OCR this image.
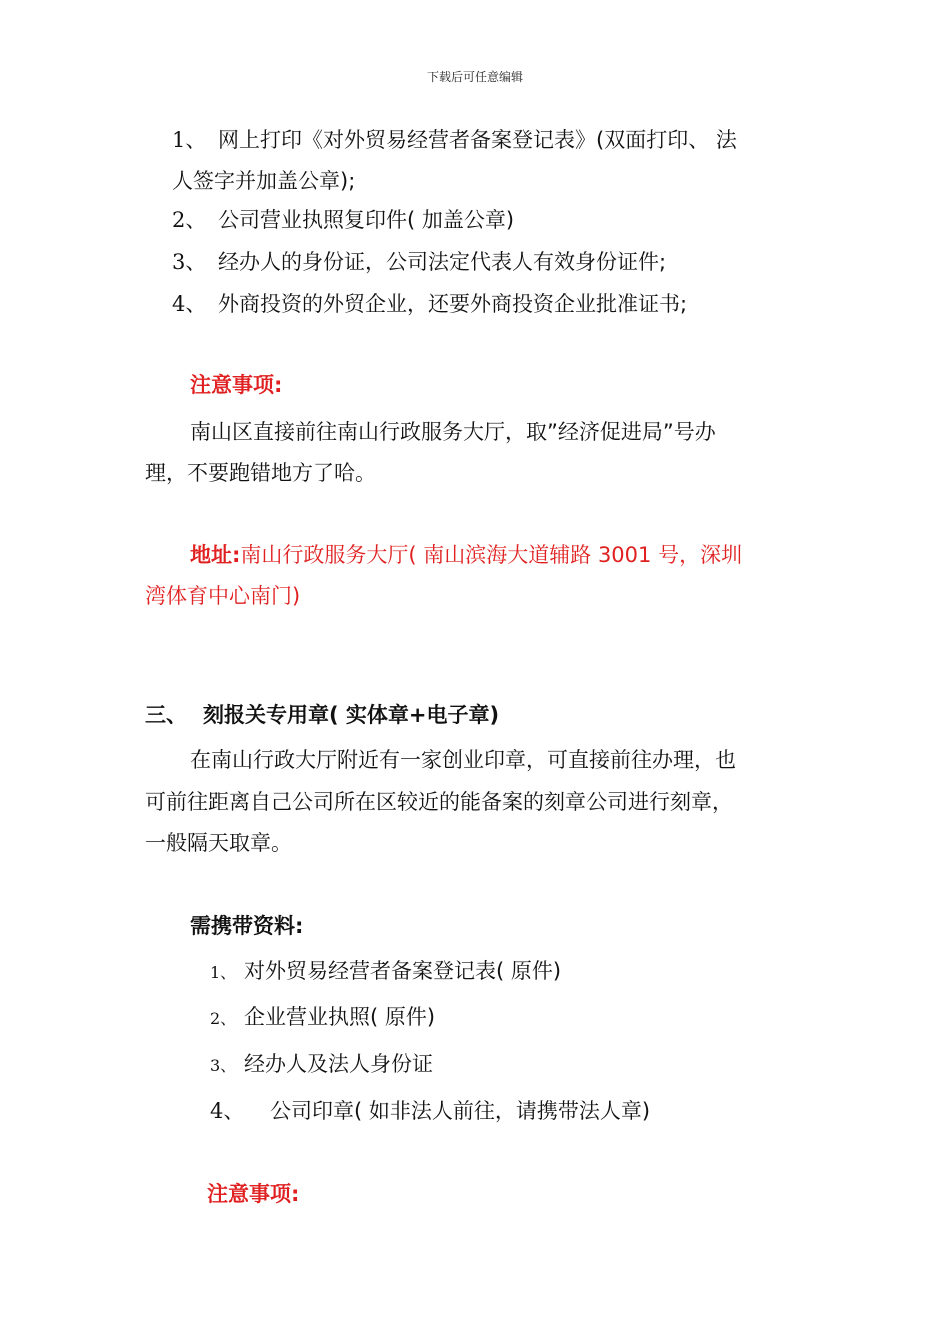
下载后可任意编辑
1、 网上打印《对外贸易经营者备案登记表》(双面打印、 法
人签字并加盖公章);
2、 公司营业执照复印件( 加盖公章)
3、 经办人的身份证，公司法定代表人有效身份证件;
4、 外商投资的外贸企业，还要外商投资企业批准证书;
注意事项:
南山区直接前往南山行政服务大厅，取”经济促进局”号办
理，不要跑错地方了哈。
地址:南山行政服务大厅( 南山滨海大道辅路 3001 号，深圳
湾体育中心南门)
三、 刻报关专用章( 实体章+电子章)
在南山行政大厅附近有一家创业印章，可直接前往办理，也
可前往距离自己公司所在区较近的能备案的刻章公司进行刻章，
一般隔天取章。
需携带资料:
1、 对外贸易经营者备案登记表( 原件)
2、 企业营业执照( 原件)
3、 经办人及法人身份证
4、 公司印章( 如非法人前往，请携带法人章)
注意事项:
